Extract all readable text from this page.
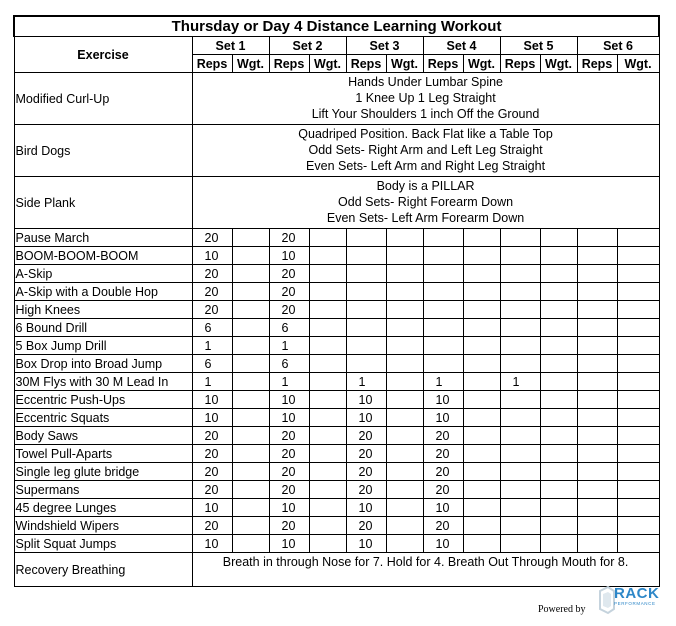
Thursday or Day 4 Distance Learning Workout												
Exercise	Set 1		Set 2		Set 3		Set 4		Set 5		Set 6	
	Reps	Wgt.	Reps	Wgt.	Reps	Wgt.	Reps	Wgt.	Reps	Wgt.	Reps	Wgt.
Modified Curl-Up	Hands Under Lumbar Spine
1 Knee Up 1 Leg Straight
Lift Your Shoulders 1 inch Off the Ground											

Bird Dogs	Quadriped Position. Back Flat like a Table Top
Odd Sets- Right Arm and Left Leg Straight
Even Sets- Left Arm and Right Leg Straight											

Side Plank	Body is a PILLAR
Odd Sets- Right Forearm Down
Even Sets- Left Arm Forearm Down											

Pause March	20		20									
BOOM-BOOM-BOOM	10		10									
A-Skip	20		20									
A-Skip with a Double Hop	20		20									
High Knees	20		20									
6 Bound Drill	6		6									
5 Box Jump Drill	1		1									
Box Drop into Broad Jump	6		6									
30M Flys with 30 M Lead In	1		1		1		1		1			
Eccentric Push-Ups	10		10		10		10					
Eccentric Squats	10		10		10		10					
Body Saws	20		20		20		20					
Towel Pull-Aparts	20		20		20		20					
Single leg glute bridge	20		20		20		20					
Supermans	20		20		20		20					
45 degree Lunges	10		10		10		10					
Windshield Wipers	20		20		20		20					
Split Squat Jumps	10		10		10		10					
Recovery Breathing	Breath in through Nose for 7. Hold for 4. Breath Out Through Mouth for 8.											
Powered by
RACK
PERFORMANCE
